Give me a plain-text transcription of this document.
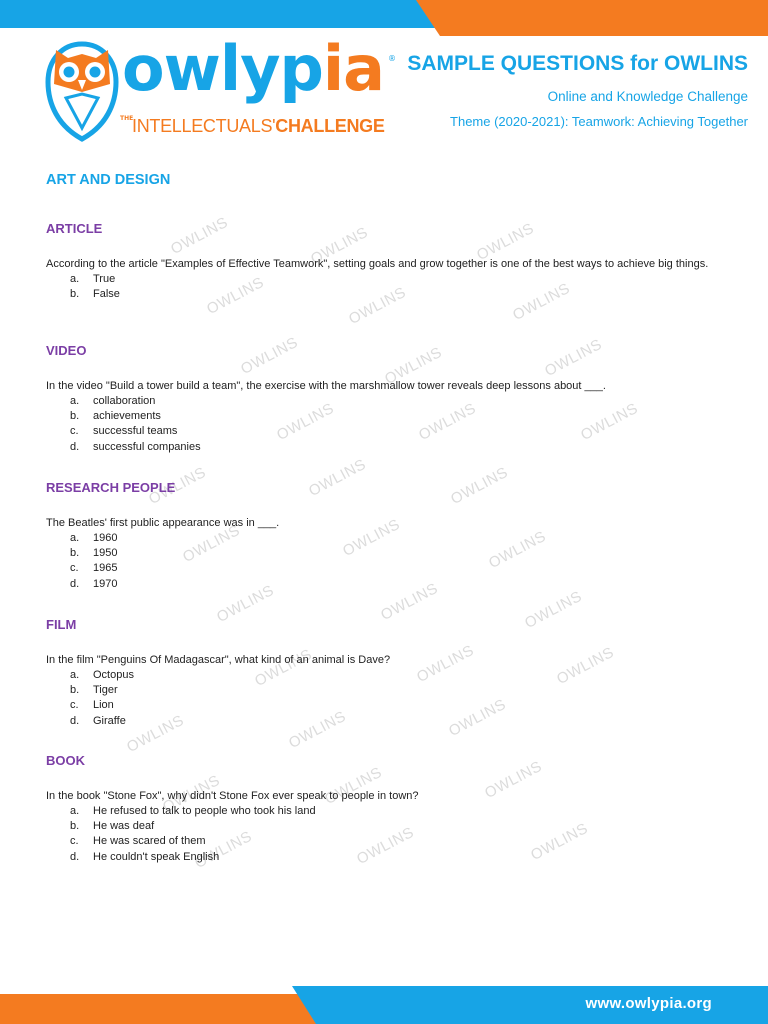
www.owlypia.org
owlypia ®
THE
INTELLECTUALS'CHALLENGE
SAMPLE QUESTIONS for OWLINS
Online and Knowledge Challenge
Theme (2020-2021): Teamwork: Achieving Together
OWLINS	OWLINS	OWLINS
OWLINS	OWLINS	OWLINS
OWLINS	OWLINS	OWLINS
OWLINS	OWLINS	OWLINS
OWLINS	OWLINS	OWLINS
OWLINS	OWLINS	OWLINS
OWLINS	OWLINS	OWLINS
OWLINS	OWLINS	OWLINS
OWLINS	OWLINS	OWLINS
OWLINS	OWLINS	OWLINS
OWLINS	OWLINS	OWLINS
ART AND DESIGN
ARTICLE

According to the article "Examples of Effective Teamwork", setting goals and grow together is one of the best ways to achieve big things.

a.	True
b.	False
VIDEO

In the video "Build a tower build a team", the exercise with the marshmallow tower reveals deep lessons about ___.

a.	collaboration
b.	achievements
c.	successful teams
d.	successful companies
RESEARCH PEOPLE

The Beatles' first public appearance was in ___.

a.	1960
b.	1950
c.	1965
d.	1970
FILM

In the film "Penguins Of Madagascar", what kind of an animal is Dave?

a.	Octopus
b.	Tiger
c.	Lion
d.	Giraffe
BOOK

In the book "Stone Fox", why didn't Stone Fox ever speak to people in town?

a.	He refused to talk to people who took his land
b.	He was deaf
c.	He was scared of them
d.	He couldn't speak English
